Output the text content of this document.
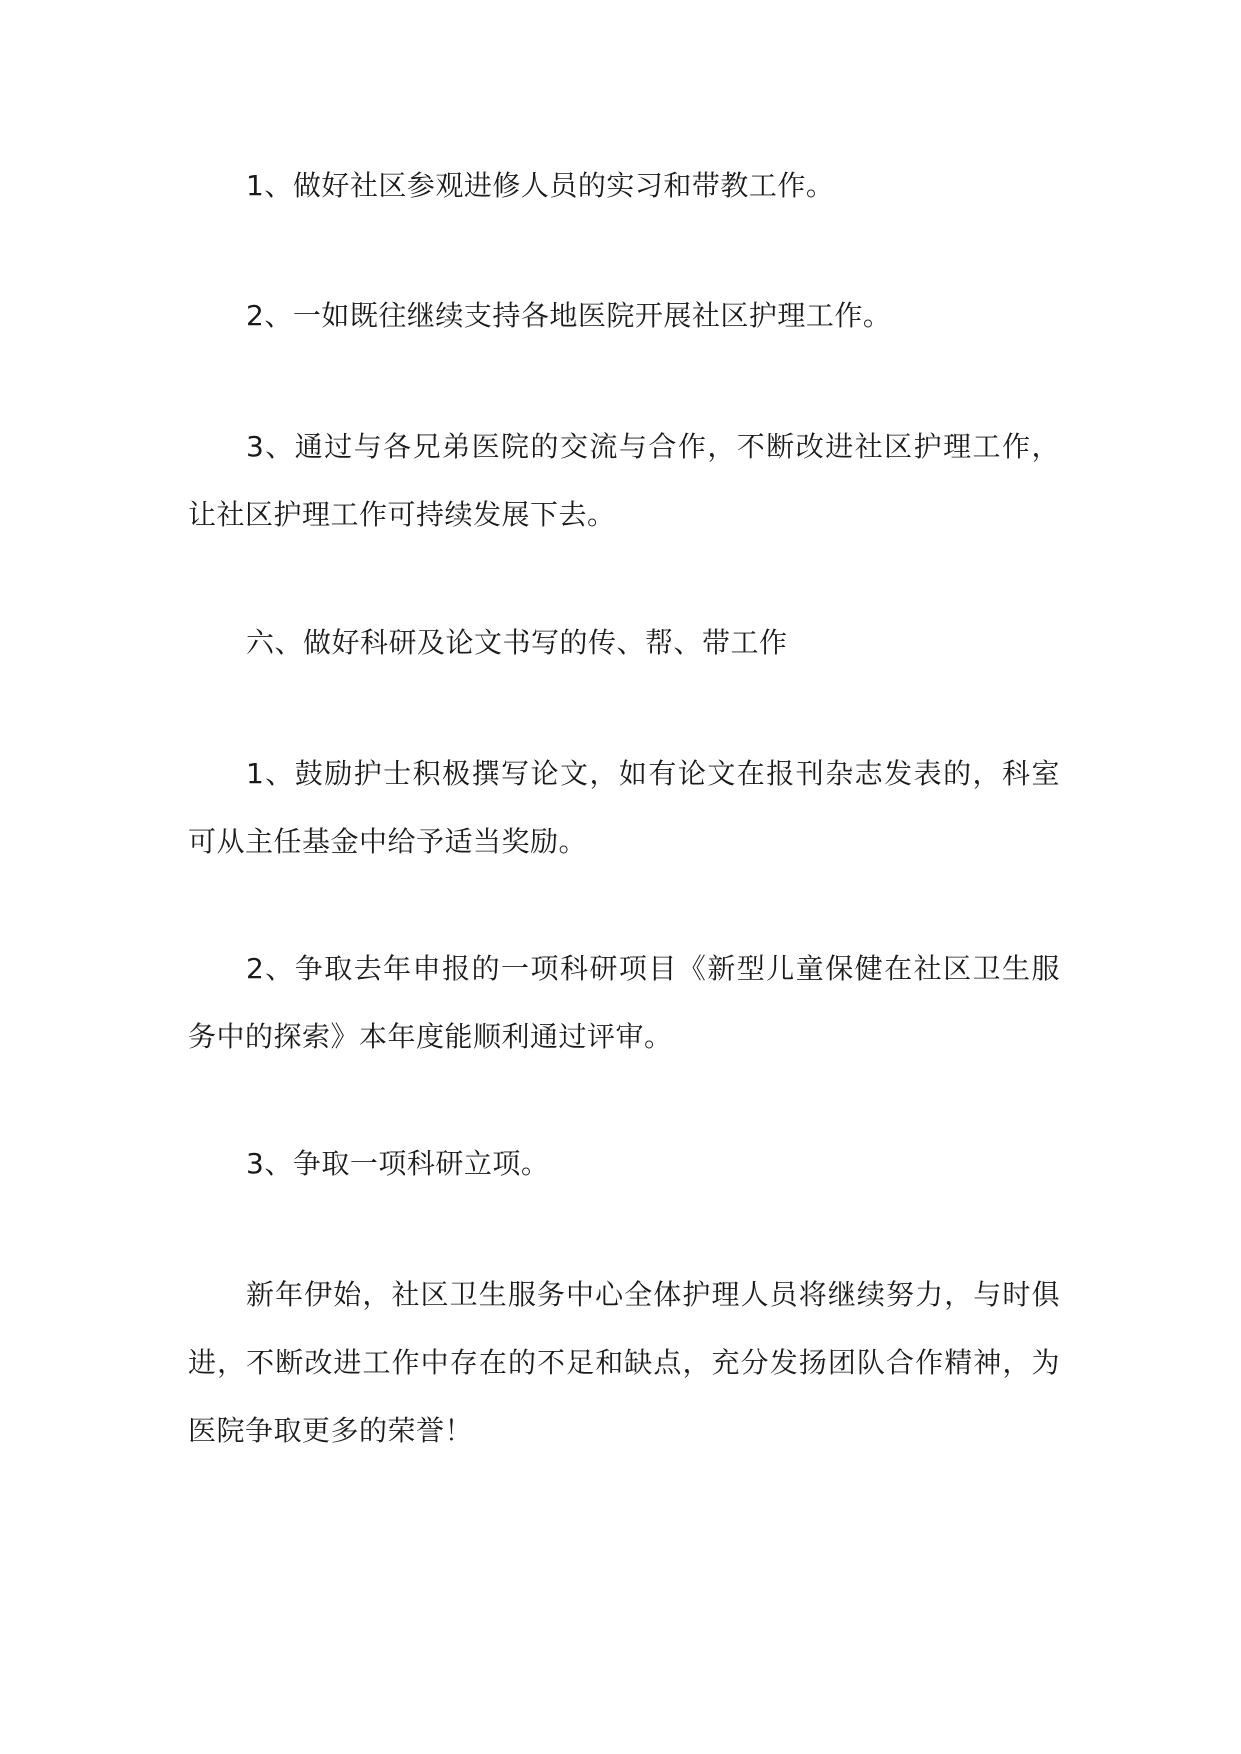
1、做好社区参观进修人员的实习和带教工作。

2、一如既往继续支持各地医院开展社区护理工作。

3、通过与各兄弟医院的交流与合作，不断改进社区护理工作，让社区护理工作可持续发展下去。

六、做好科研及论文书写的传、帮、带工作

1、鼓励护士积极撰写论文，如有论文在报刊杂志发表的，科室可从主任基金中给予适当奖励。

2、争取去年申报的一项科研项目《新型儿童保健在社区卫生服务中的探索》本年度能顺利通过评审。

3、争取一项科研立项。

新年伊始，社区卫生服务中心全体护理人员将继续努力，与时俱进，不断改进工作中存在的不足和缺点，充分发扬团队合作精神，为医院争取更多的荣誉！
